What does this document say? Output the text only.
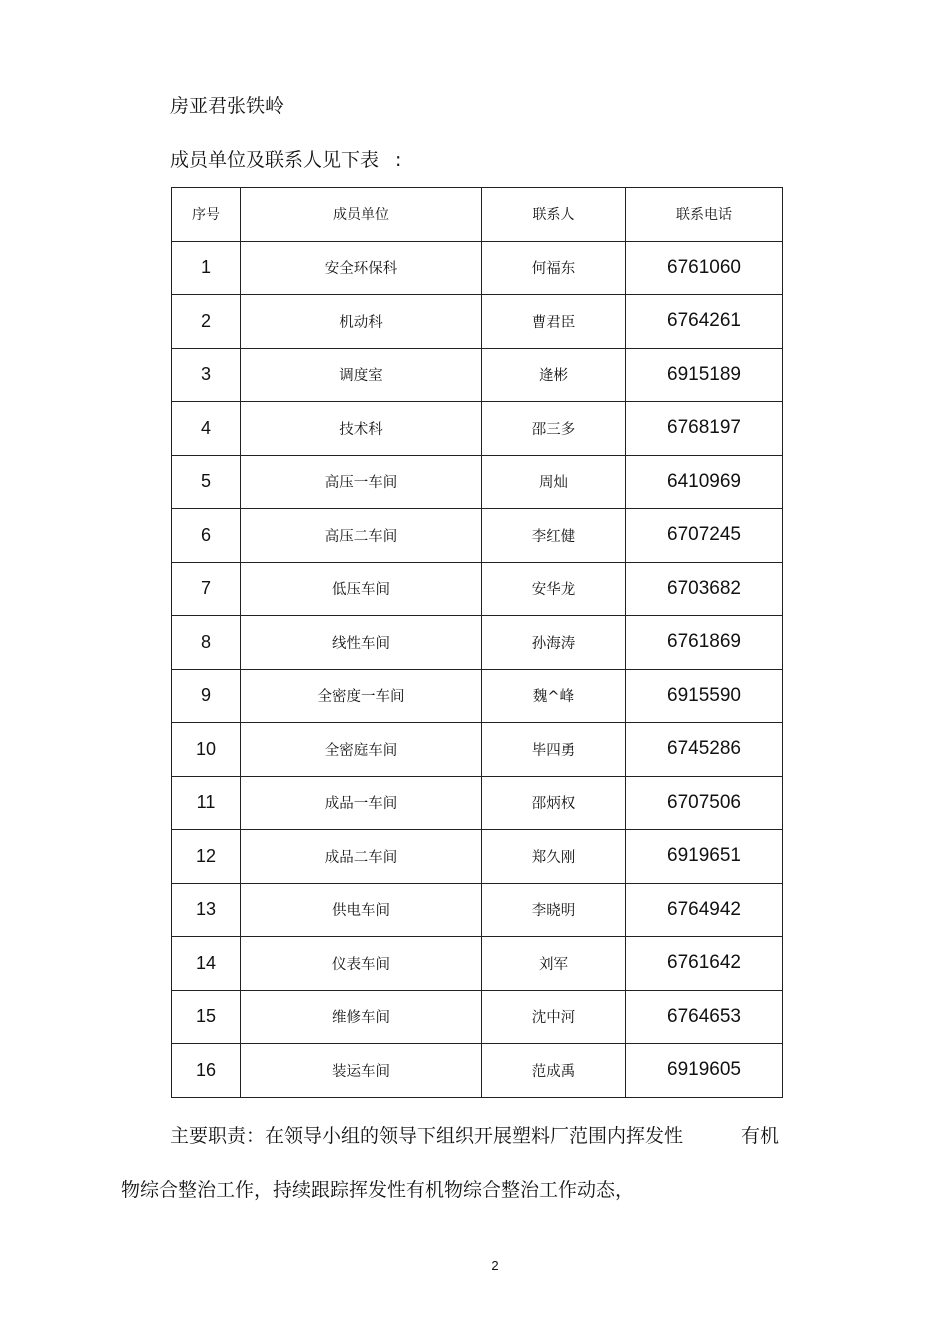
房亚君张铁岭
成员单位及联系人见下表 :
序号	成员单位	联系人	联系电话
1	安全环保科	何福东	6761060
2	机动科	曹君臣	6764261
3	调度室	逄彬	6915189
4	技术科	邵三多	6768197
5	高压一车间	周灿	6410969
6	高压二车间	李红健	6707245
7	低压车间	安华龙	6703682
8	线性车间	孙海涛	6761869
9	全密度一车间	魏^峰	6915590
10	全密庭车间	毕四勇	6745286
11	成品一车间	邵炳权	6707506
12	成品二车间	郑久刚	6919651
13	供电车间	李晓明	6764942
14	仪表车间	刘军	6761642
15	维修车间	沈中河	6764653
16	装运车间	范成禹	6919605
主要职责：在领导小组的领导下组织开展塑料厂范围内挥发性	有机
物综合整治工作，持续跟踪挥发性有机物综合整治工作动态，
2
